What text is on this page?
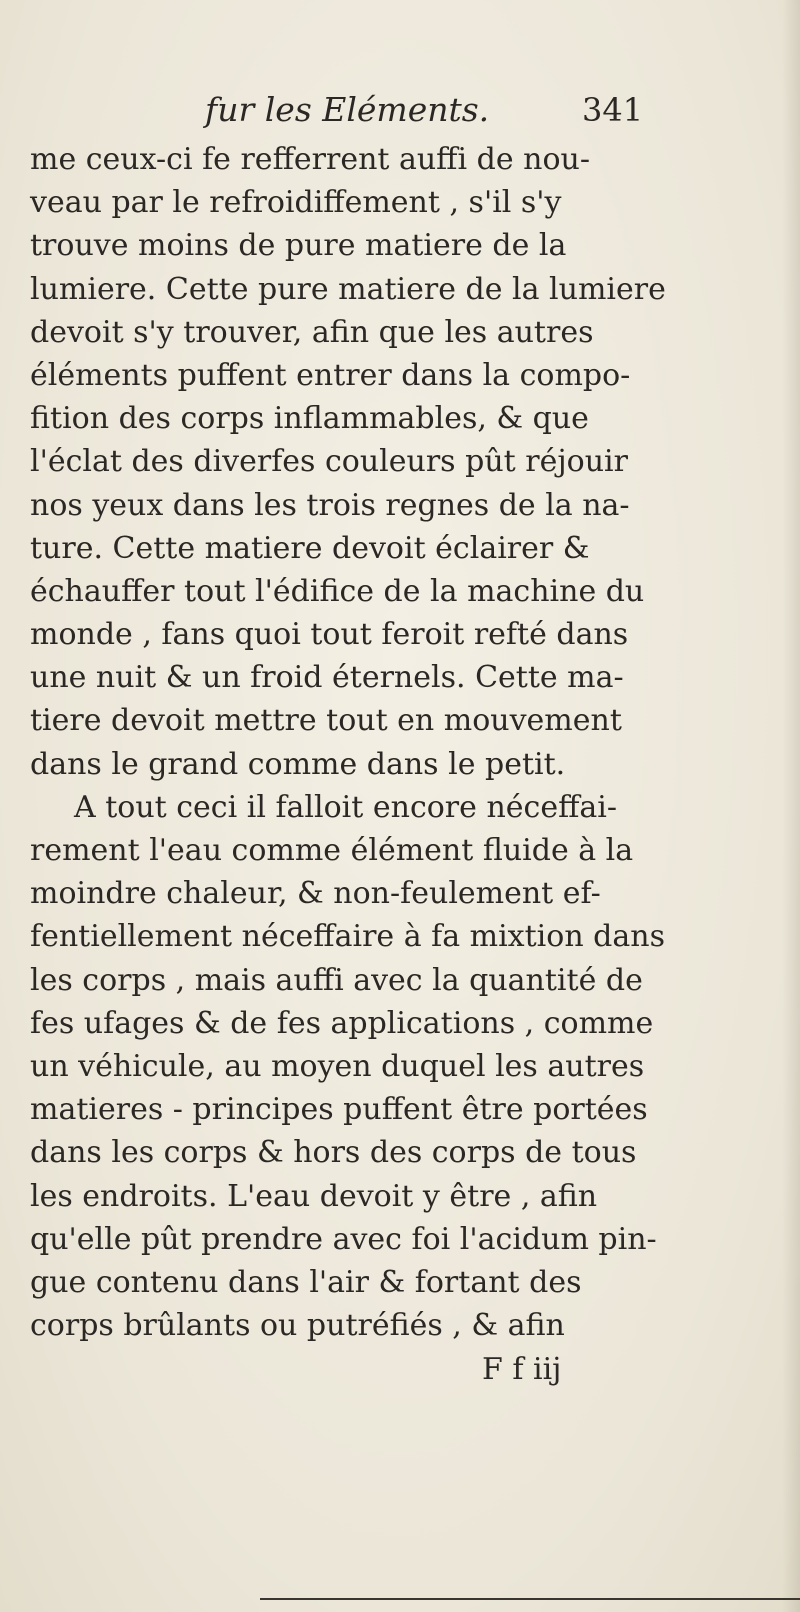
fur les Eléments.	341
me ceux-ci fe refferrent auffi de nou-
veau par le refroidiffement , s'il s'y
trouve moins de pure matiere de la
lumiere. Cette pure matiere de la lumiere
devoit s'y trouver, afin que les autres
éléments puffent entrer dans la compo-
fition des corps inflammables, & que
l'éclat des diverfes couleurs pût réjouir
nos yeux dans les trois regnes de la na-
ture. Cette matiere devoit éclairer &
échauffer tout l'édifice de la machine du
monde , fans quoi tout feroit refté dans
une nuit & un froid éternels. Cette ma-
tiere devoit mettre tout en mouvement
dans le grand comme dans le petit.
A tout ceci il falloit encore néceffai-
rement l'eau comme élément fluide à la
moindre chaleur, & non-feulement ef-
fentiellement néceffaire à fa mixtion dans
les corps , mais auffi avec la quantité de
fes ufages & de fes applications , comme
un véhicule, au moyen duquel les autres
matieres - principes puffent être portées
dans les corps & hors des corps de tous
les endroits. L'eau devoit y être , afin
qu'elle pût prendre avec foi l'acidum pin-
gue contenu dans l'air & fortant des
corps brûlants ou putréfiés , & afin
F f iij
